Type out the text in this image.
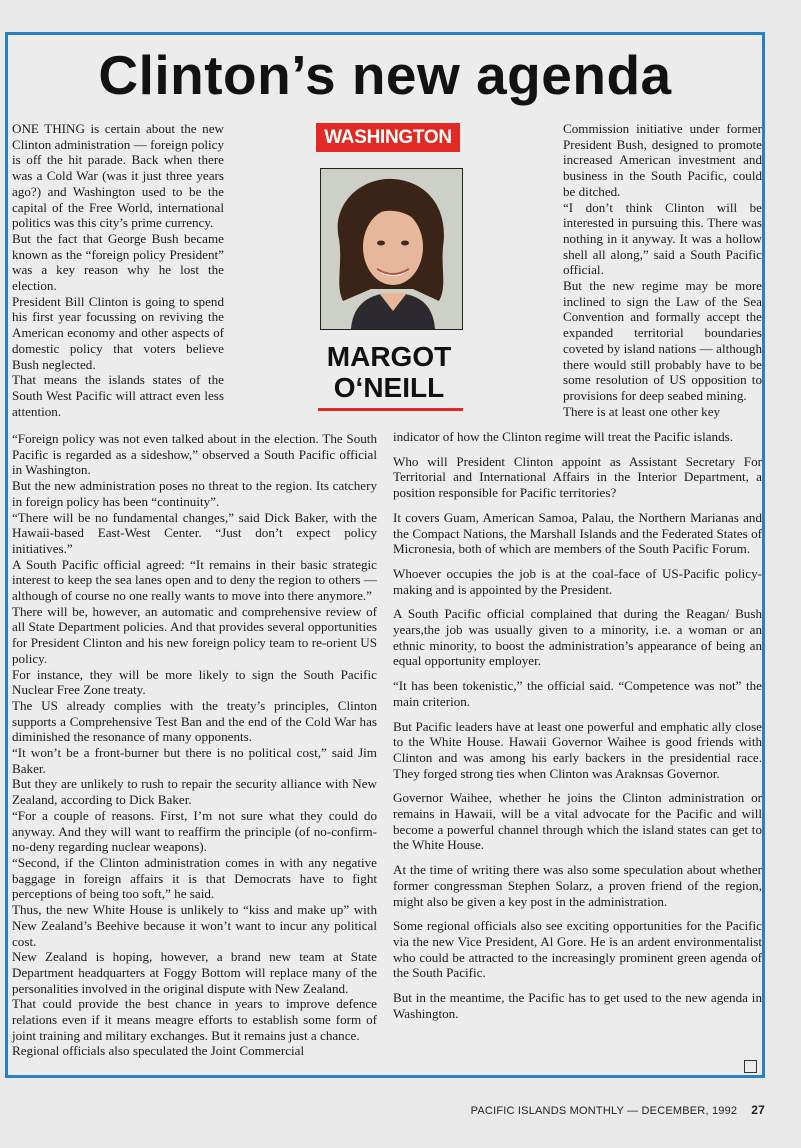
Clinton’s new agenda

ONE THING is certain about the new Clinton administration — foreign policy is off the hit parade. Back when there was a Cold War (was it just three years ago?) and Washington used to be the capital of the Free World, international politics was this city’s prime currency.

But the fact that George Bush became known as the “foreign policy President” was a key reason why he lost the election.

President Bill Clinton is going to spend his first year focussing on reviving the American economy and other aspects of domestic policy that voters believe Bush neglected.

That means the islands states of the South West Pacific will attract even less attention.

WASHINGTON
MARGOT
O‘NEILL

Commission initiative under former President Bush, designed to promote increased American investment and business in the South Pacific, could be ditched.

“I don’t think Clinton will be interested in pursuing this. There was nothing in it anyway. It was a hollow shell all along,” said a South Pacific official.

But the new regime may be more inclined to sign the Law of the Sea Convention and formally accept the expanded territorial boundaries coveted by island nations — although there would still probably have to be some resolution of US opposition to provisions for deep seabed mining.

There is at least one other key

“Foreign policy was not even talked about in the election. The South Pacific is regarded as a sideshow,” observed a South Pacific official in Washington.

But the new administration poses no threat to the region. Its catchery in foreign policy has been “continuity”.

“There will be no fundamental changes,” said Dick Baker, with the Hawaii-based East-West Center. “Just don’t expect policy initiatives.”

A South Pacific official agreed: “It remains in their basic strategic interest to keep the sea lanes open and to deny the region to others — although of course no one really wants to move into there anymore.”

There will be, however, an automatic and comprehensive review of all State Department policies. And that provides several opportunities for President Clinton and his new foreign policy team to re-orient US policy.

For instance, they will be more likely to sign the South Pacific Nuclear Free Zone treaty.

The US already complies with the treaty’s principles, Clinton supports a Comprehensive Test Ban and the end of the Cold War has diminished the resonance of many opponents.

“It won’t be a front-burner but there is no political cost,” said Jim Baker.

But they are unlikely to rush to repair the security alliance with New Zealand, according to Dick Baker.

“For a couple of reasons. First, I’m not sure what they could do anyway. And they will want to reaffirm the principle (of no-confirm-no-deny regarding nuclear weapons).

“Second, if the Clinton administration comes in with any negative baggage in foreign affairs it is that Democrats have to fight perceptions of being too soft,” he said.

Thus, the new White House is unlikely to “kiss and make up” with New Zealand’s Beehive because it won’t want to incur any political cost.

New Zealand is hoping, however, a brand new team at State Department headquarters at Foggy Bottom will replace many of the personalities involved in the original dispute with New Zealand.

That could provide the best chance in years to improve defence relations even if it means meagre efforts to establish some form of joint training and military exchanges. But it remains just a chance.

Regional officials also speculated the Joint Commercial

indicator of how the Clinton regime will treat the Pacific islands.

Who will President Clinton appoint as Assistant Secretary For Territorial and International Affairs in the Interior Department, a position responsible for Pacific territories?

It covers Guam, American Samoa, Palau, the Northern Marianas and the Compact Nations, the Marshall Islands and the Federated States of Micronesia, both of which are members of the South Pacific Forum.

Whoever occupies the job is at the coal-face of US-Pacific policy-making and is appointed by the President.

A South Pacific official complained that during the Reagan/ Bush years,the job was usually given to a minority, i.e. a woman or an ethnic minority, to boost the administration’s appearance of being an equal opportunity employer.

“It has been tokenistic,” the official said. “Competence was not” the main criterion.

But Pacific leaders have at least one powerful and emphatic ally close to the White House. Hawaii Governor Waihee is good friends with Clinton and was among his early backers in the presidential race. They forged strong ties when Clinton was Araknsas Governor.

Governor Waihee, whether he joins the Clinton administration or remains in Hawaii, will be a vital advocate for the Pacific and will become a powerful channel through which the island states can get to the White House.

At the time of writing there was also some speculation about whether former congressman Stephen Solarz, a proven friend of the region, might also be given a key post in the administration.

Some regional officials also see exciting opportunities for the Pacific via the new Vice President, Al Gore. He is an ardent environmentalist who could be attracted to the increasingly prominent green agenda of the South Pacific.

But in the meantime, the Pacific has to get used to the new agenda in Washington.

PACIFIC ISLANDS MONTHLY — DECEMBER, 1992 27
